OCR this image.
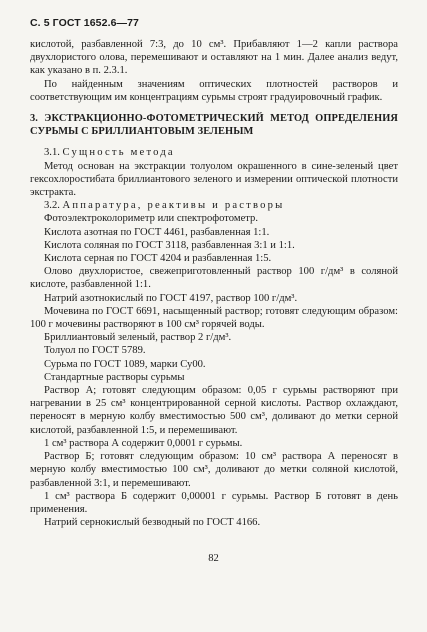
С. 5 ГОСТ 1652.6—77

кислотой, разбавленной 7:3, до 10 см³. Прибавляют 1—2 капли раствора двухлористого олова, перемешивают и оставляют на 1 мин. Далее анализ ведут, как указано в п. 2.3.1.

По найденным значениям оптических плотностей растворов и соответствующим им концентрациям сурьмы строят градуировочный график.

3. ЭКСТРАКЦИОННО-ФОТОМЕТРИЧЕСКИЙ МЕТОД ОПРЕДЕЛЕНИЯ СУРЬМЫ С БРИЛЛИАНТОВЫМ ЗЕЛЕНЫМ

3.1. Сущность метода

Метод основан на экстракции толуолом окрашенного в сине-зеленый цвет гексохлоростибата бриллиантового зеленого и измерении оптической плотности экстракта.

3.2. Аппаратура, реактивы и растворы

Фотоэлектроколориметр или спектрофотометр.

Кислота азотная по ГОСТ 4461, разбавленная 1:1.

Кислота соляная по ГОСТ 3118, разбавленная 3:1 и 1:1.

Кислота серная по ГОСТ 4204 и разбавленная 1:5.

Олово двухлористое, свежеприготовленный раствор 100 г/дм³ в соляной кислоте, разбавленной 1:1.

Натрий азотнокислый по ГОСТ 4197, раствор 100 г/дм³.

Мочевина по ГОСТ 6691, насыщенный раствор; готовят следующим образом: 100 г мочевины растворяют в 100 см³ горячей воды.

Бриллиантовый зеленый, раствор 2 г/дм³.

Толуол по ГОСТ 5789.

Сурьма по ГОСТ 1089, марки Су00.

Стандартные растворы сурьмы

Раствор А; готовят следующим образом: 0,05 г сурьмы растворяют при нагревании в 25 см³ концентрированной серной кислоты. Раствор охлаждают, переносят в мерную колбу вместимостью 500 см³, доливают до метки серной кислотой, разбавленной 1:5, и перемешивают.

1 см³ раствора А содержит 0,0001 г сурьмы.

Раствор Б; готовят следующим образом: 10 см³ раствора А переносят в мерную колбу вместимостью 100 см³, доливают до метки соляной кислотой, разбавленной 3:1, и перемешивают.

1 см³ раствора Б содержит 0,00001 г сурьмы. Раствор Б готовят в день применения.

Натрий сернокислый безводный по ГОСТ 4166.

82
